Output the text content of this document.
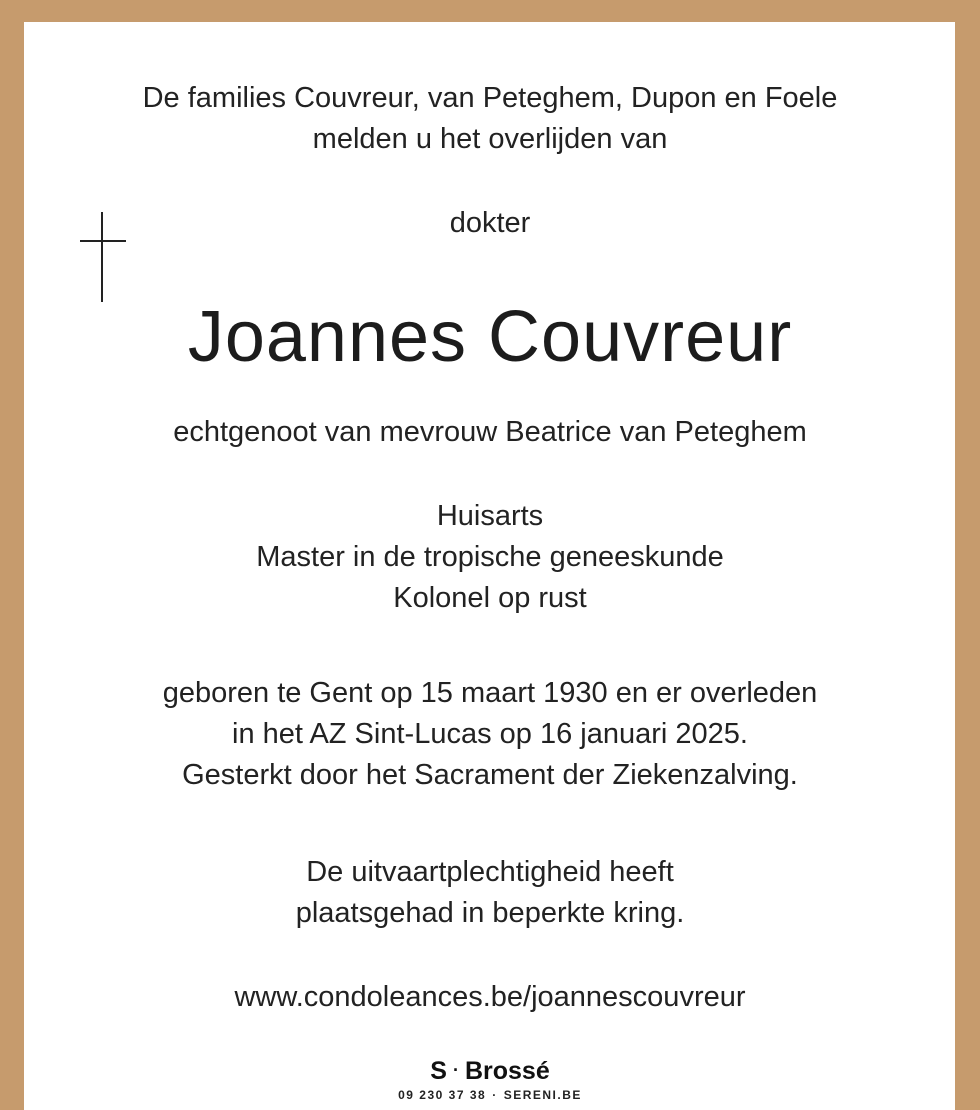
De families Couvreur, van Peteghem, Dupon en Foele
melden u het overlijden van
dokter
Joannes Couvreur
echtgenoot van mevrouw Beatrice van Peteghem
Huisarts
Master in de tropische geneeskunde
Kolonel op rust
geboren te Gent op 15 maart 1930 en er overleden
in het AZ Sint-Lucas op 16 januari 2025.
Gesterkt door het Sacrament der Ziekenzalving.
De uitvaartplechtigheid heeft
plaatsgehad in beperkte kring.
www.condoleances.be/joannescouvreur
S · Brossé
09 230 37 38 · SERENI.BE
